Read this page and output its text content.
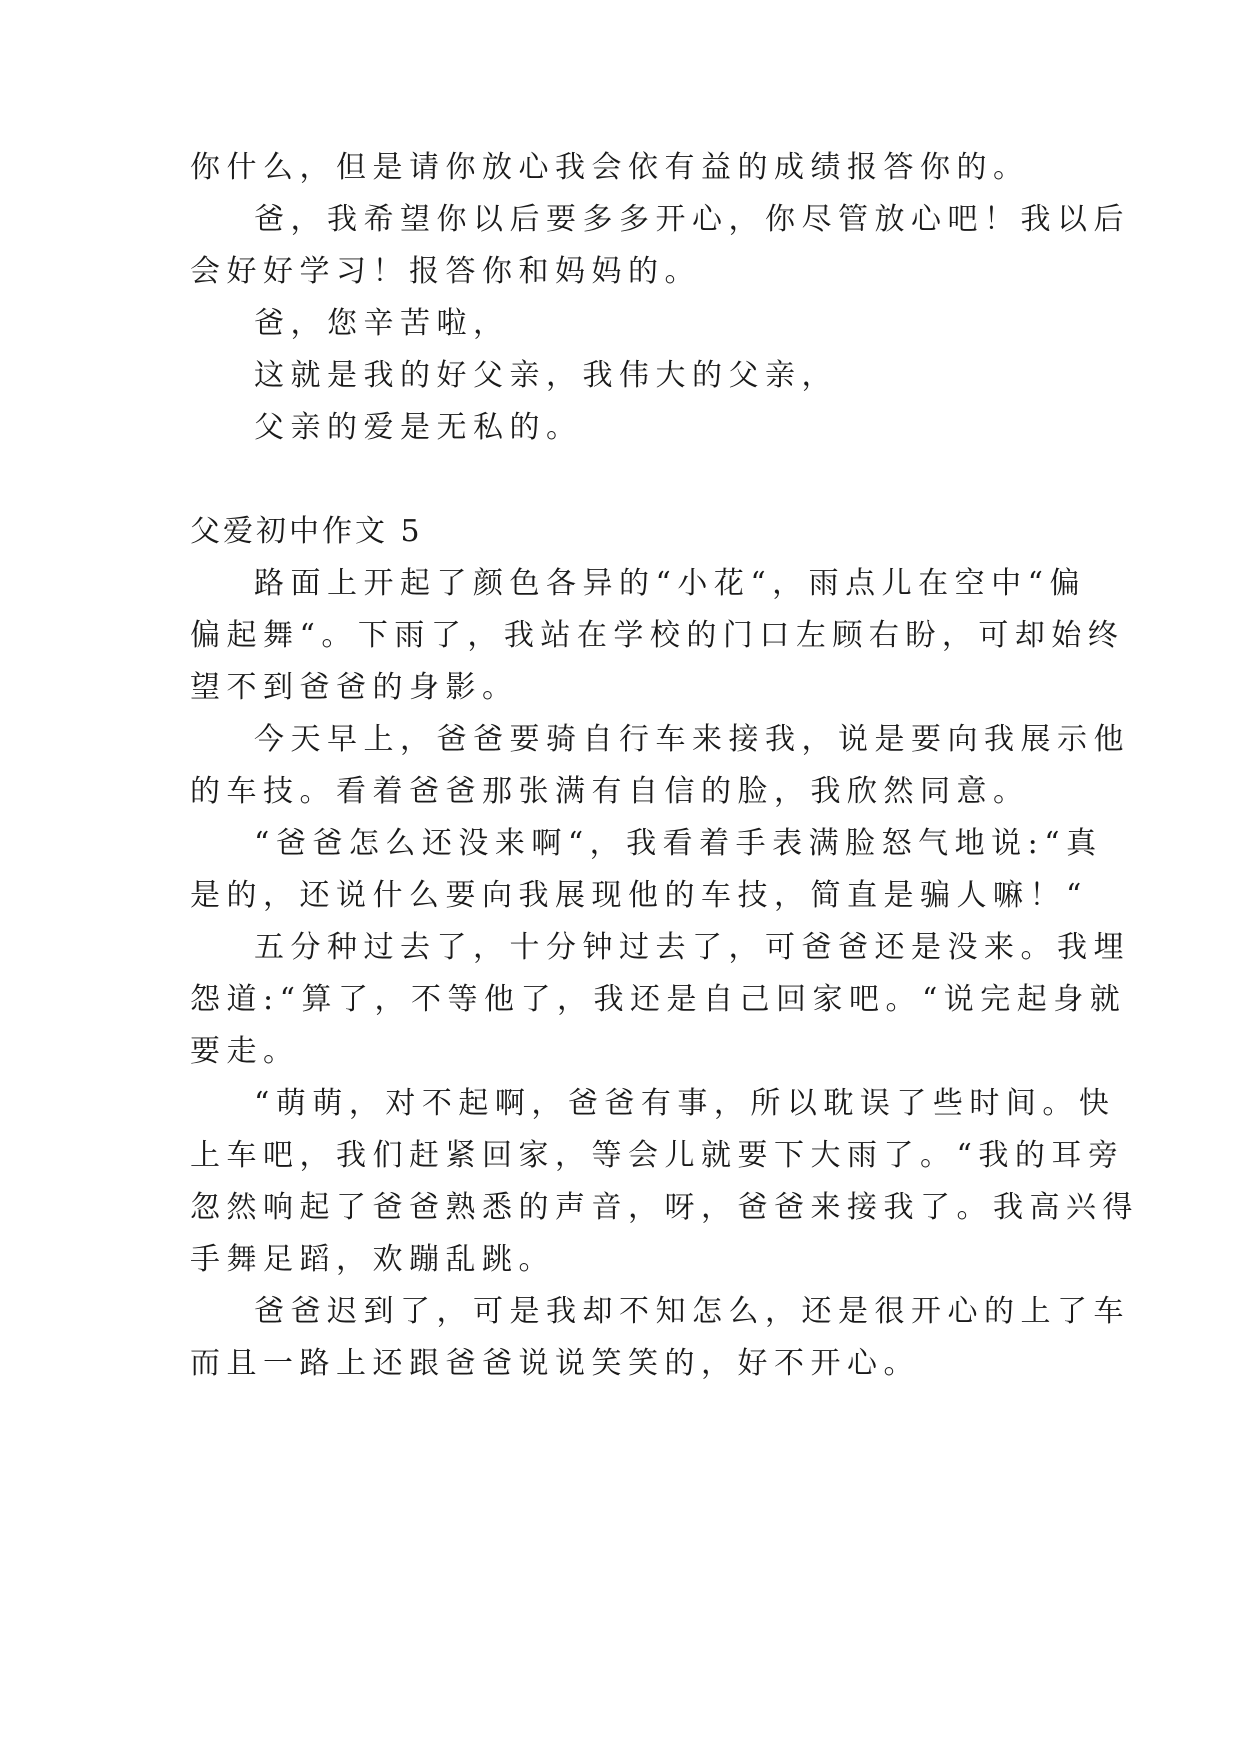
你什么，但是请你放心我会依有益的成绩报答你的。
爸，我希望你以后要多多开心，你尽管放心吧！我以后
会好好学习！报答你和妈妈的。
爸，您辛苦啦，
这就是我的好父亲，我伟大的父亲，
父亲的爱是无私的。
父爱初中作文 5
路面上开起了颜色各异的“小花“，雨点儿在空中“偏
偏起舞“。下雨了，我站在学校的门口左顾右盼，可却始终
望不到爸爸的身影。
今天早上，爸爸要骑自行车来接我，说是要向我展示他
的车技。看着爸爸那张满有自信的脸，我欣然同意。
“爸爸怎么还没来啊“，我看着手表满脸怒气地说:“真
是的，还说什么要向我展现他的车技，简直是骗人嘛！“
五分种过去了，十分钟过去了，可爸爸还是没来。我埋
怨道:“算了，不等他了，我还是自己回家吧。“说完起身就
要走。
“萌萌，对不起啊，爸爸有事，所以耽误了些时间。快
上车吧，我们赶紧回家，等会儿就要下大雨了。“我的耳旁
忽然响起了爸爸熟悉的声音，呀，爸爸来接我了。我高兴得
手舞足蹈，欢蹦乱跳。
爸爸迟到了，可是我却不知怎么，还是很开心的上了车
而且一路上还跟爸爸说说笑笑的，好不开心。
